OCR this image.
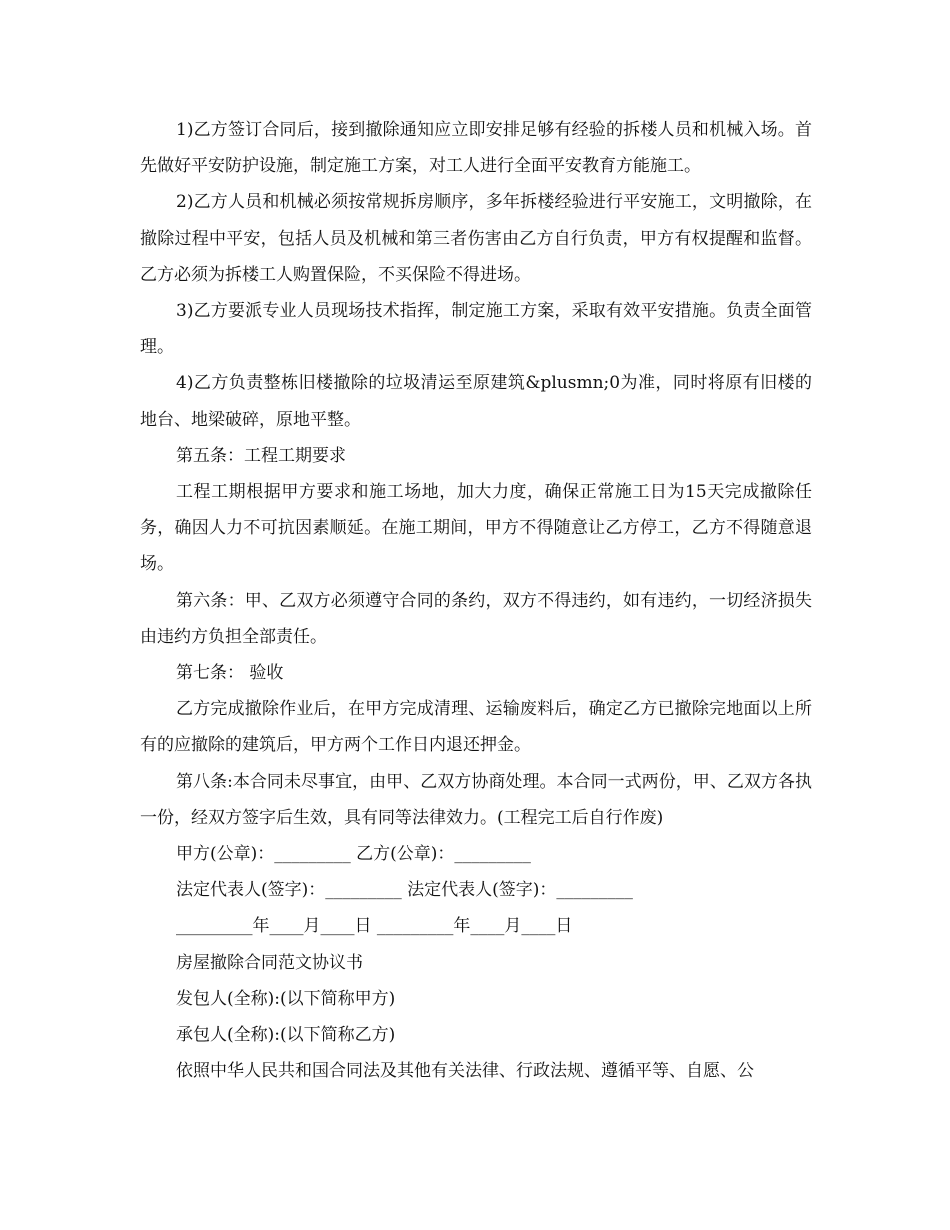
1)乙方签订合同后，接到撤除通知应立即安排足够有经验的拆楼人员和机械入场。首先做好平安防护设施，制定施工方案，对工人进行全面平安教育方能施工。

2)乙方人员和机械必须按常规拆房顺序，多年拆楼经验进行平安施工，文明撤除，在撤除过程中平安，包括人员及机械和第三者伤害由乙方自行负责，甲方有权提醒和监督。乙方必须为拆楼工人购置保险，不买保险不得进场。

3)乙方要派专业人员现场技术指挥，制定施工方案，采取有效平安措施。负责全面管理。

4)乙方负责整栋旧楼撤除的垃圾清运至原建筑&plusmn;0为准，同时将原有旧楼的地台、地梁破碎，原地平整。

第五条：工程工期要求

工程工期根据甲方要求和施工场地，加大力度，确保正常施工日为15天完成撤除任务，确因人力不可抗因素顺延。在施工期间，甲方不得随意让乙方停工，乙方不得随意退场。

第六条：甲、乙双方必须遵守合同的条约，双方不得违约，如有违约，一切经济损失由违约方负担全部责任。

第七条： 验收

乙方完成撤除作业后，在甲方完成清理、运输废料后，确定乙方已撤除完地面以上所有的应撤除的建筑后，甲方两个工作日内退还押金。

第八条:本合同未尽事宜，由甲、乙双方协商处理。本合同一式两份，甲、乙双方各执一份，经双方签字后生效，具有同等法律效力。(工程完工后自行作废)

甲方(公章)：_________ 乙方(公章)：_________

法定代表人(签字)：_________ 法定代表人(签字)：_________

_________年____月____日 _________年____月____日

房屋撤除合同范文协议书

发包人(全称):(以下简称甲方)

承包人(全称):(以下简称乙方)

依照中华人民共和国合同法及其他有关法律、行政法规、遵循平等、自愿、公
